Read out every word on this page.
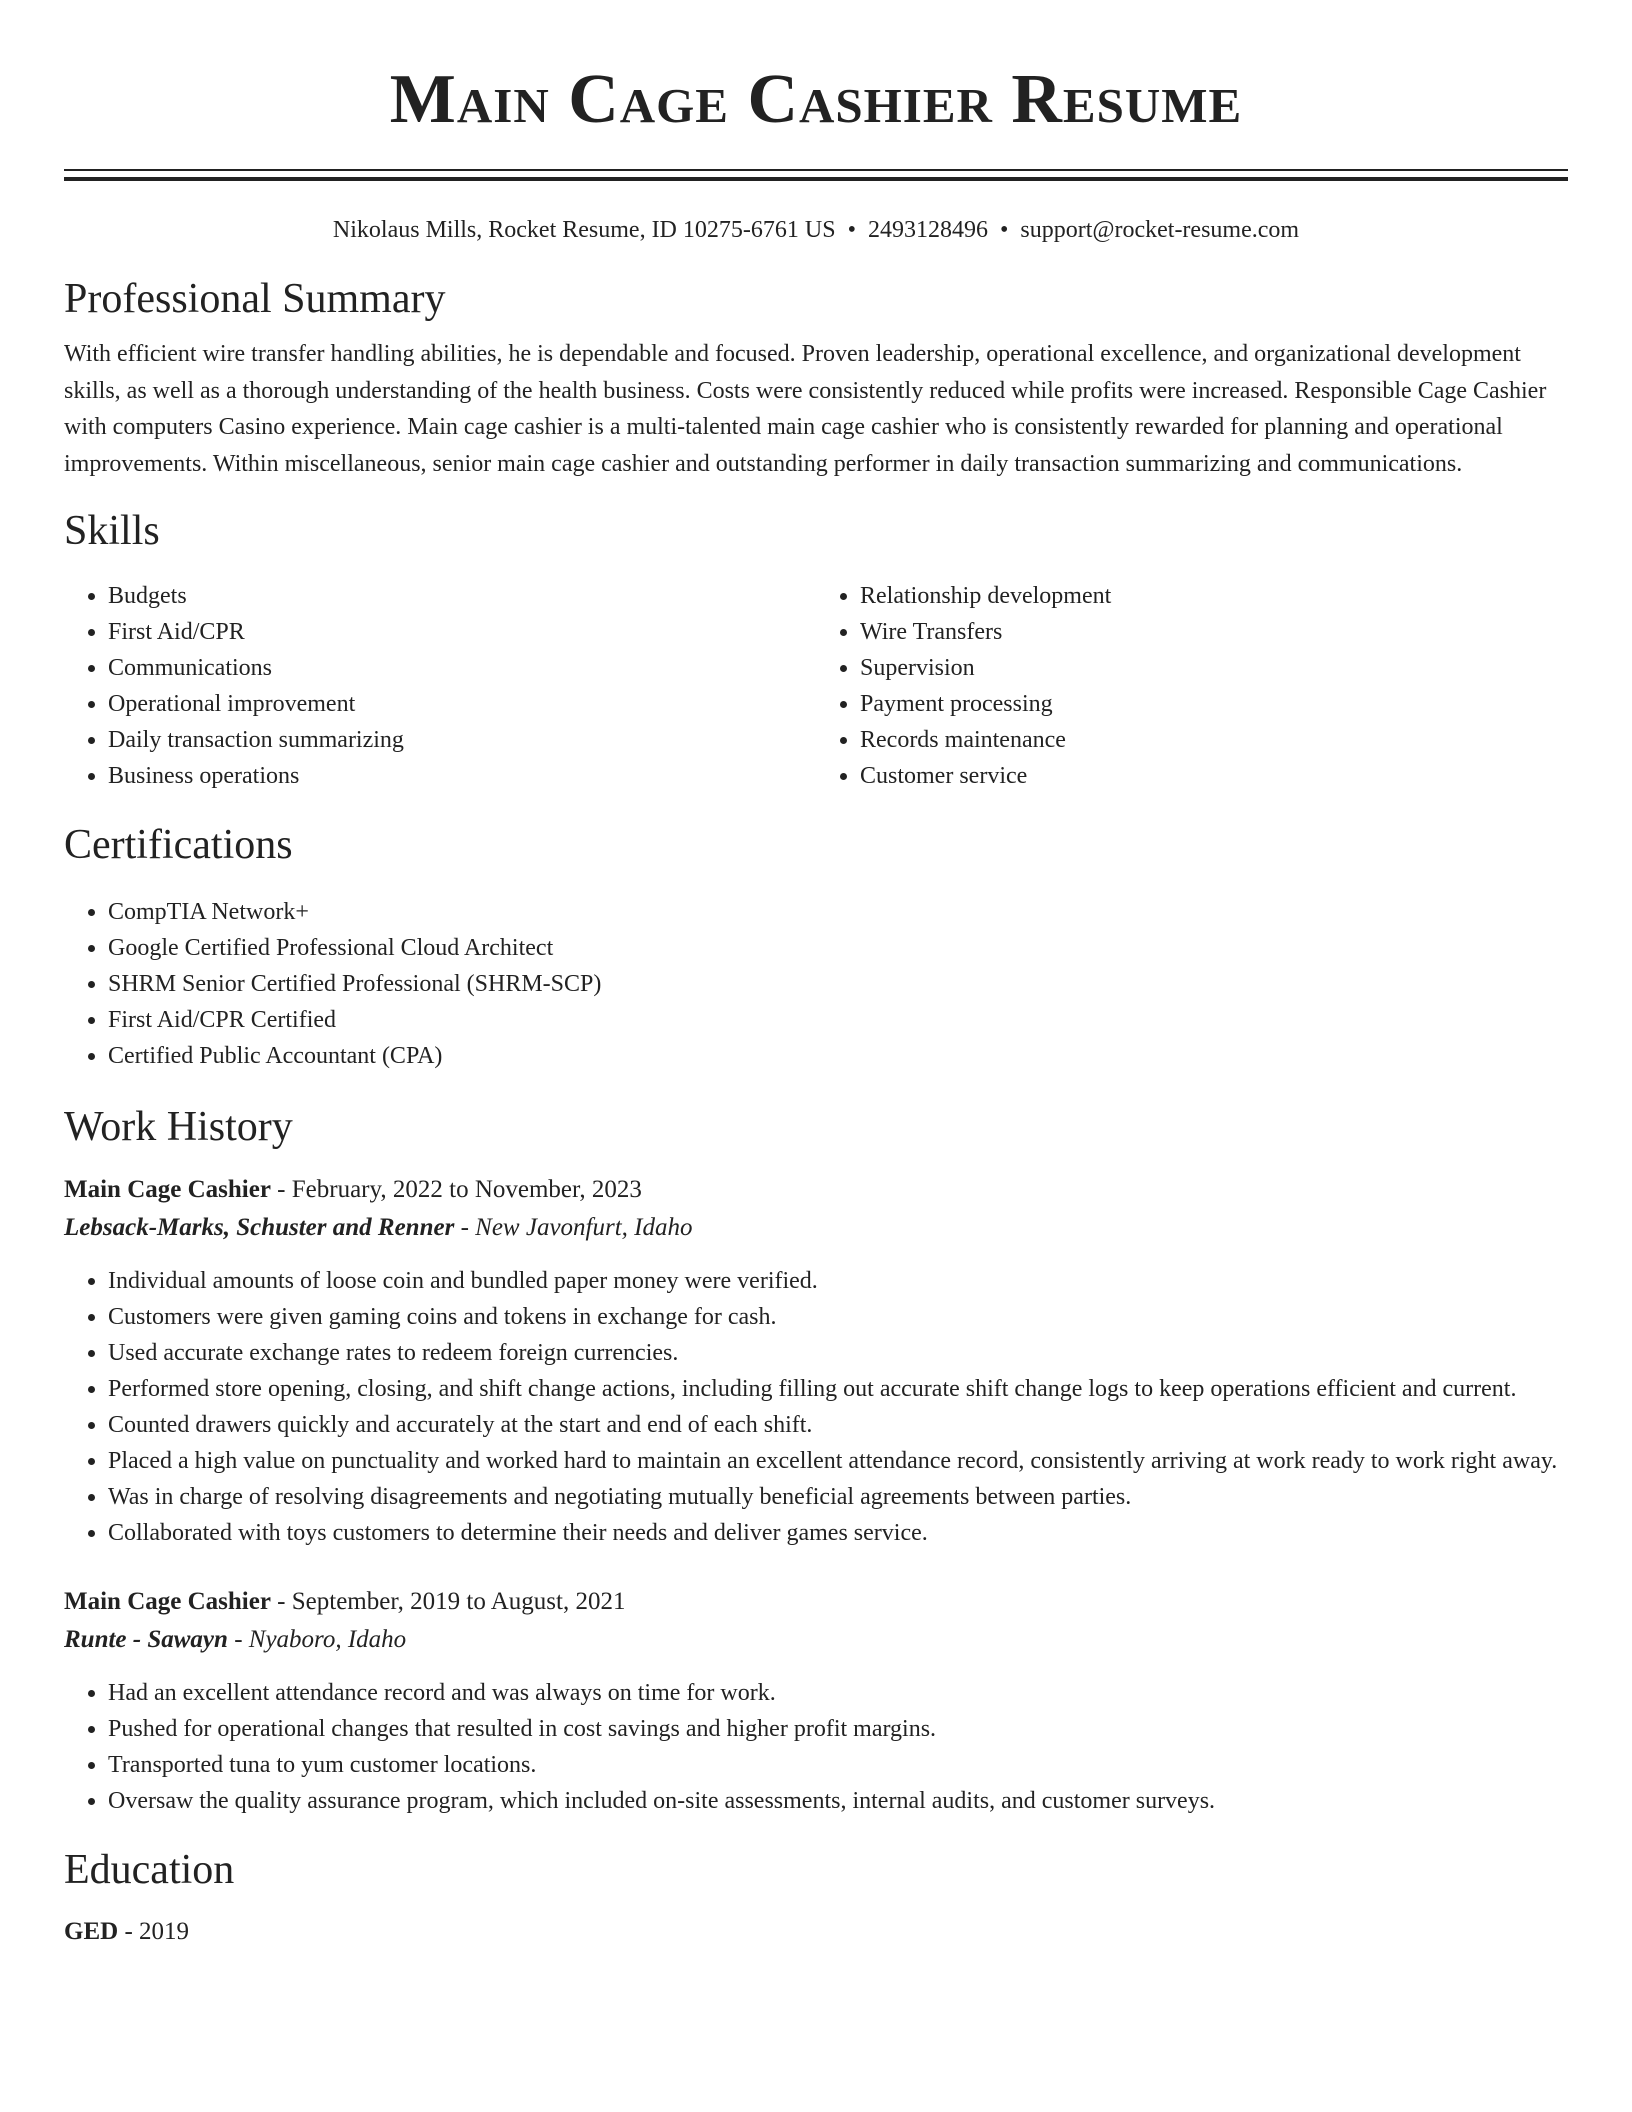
Main Cage Cashier Resume
Nikolaus Mills, Rocket Resume, ID 10275-6761 US • 2493128496 • support@rocket-resume.com
Professional Summary

With efficient wire transfer handling abilities, he is dependable and focused. Proven leadership, operational excellence, and organizational development skills, as well as a thorough understanding of the health business. Costs were consistently reduced while profits were increased. Responsible Cage Cashier with computers Casino experience. Main cage cashier is a multi-talented main cage cashier who is consistently rewarded for planning and operational improvements. Within miscellaneous, senior main cage cashier and outstanding performer in daily transaction summarizing and communications.

Skills
• Budgets
• First Aid/CPR
• Communications
• Operational improvement
• Daily transaction summarizing
• Business operations
• Relationship development
• Wire Transfers
• Supervision
• Payment processing
• Records maintenance
• Customer service
Certifications
• CompTIA Network+
• Google Certified Professional Cloud Architect
• SHRM Senior Certified Professional (SHRM-SCP)
• First Aid/CPR Certified
• Certified Public Accountant (CPA)
Work History
Main Cage Cashier - February, 2022 to November, 2023
Lebsack-Marks, Schuster and Renner - New Javonfurt, Idaho
• Individual amounts of loose coin and bundled paper money were verified.
• Customers were given gaming coins and tokens in exchange for cash.
• Used accurate exchange rates to redeem foreign currencies.
• Performed store opening, closing, and shift change actions, including filling out accurate shift change logs to keep operations efficient and current.
• Counted drawers quickly and accurately at the start and end of each shift.
• Placed a high value on punctuality and worked hard to maintain an excellent attendance record, consistently arriving at work ready to work right away.
• Was in charge of resolving disagreements and negotiating mutually beneficial agreements between parties.
• Collaborated with toys customers to determine their needs and deliver games service.
Main Cage Cashier - September, 2019 to August, 2021
Runte - Sawayn - Nyaboro, Idaho
• Had an excellent attendance record and was always on time for work.
• Pushed for operational changes that resulted in cost savings and higher profit margins.
• Transported tuna to yum customer locations.
• Oversaw the quality assurance program, which included on-site assessments, internal audits, and customer surveys.
Education
GED - 2019
